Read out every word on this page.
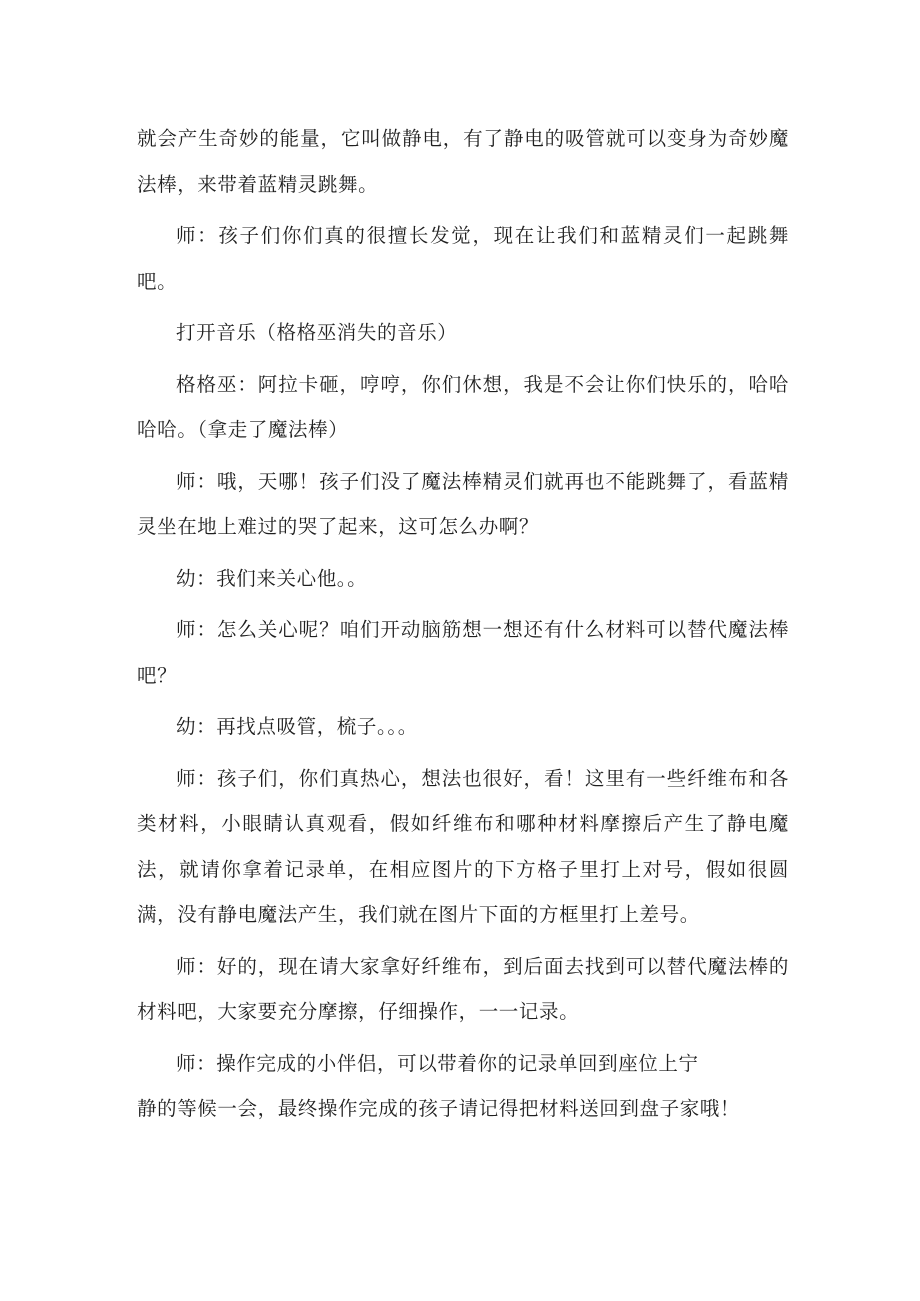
就会产生奇妙的能量，它叫做静电，有了静电的吸管就可以变身为奇妙魔法棒，来带着蓝精灵跳舞。

师：孩子们你们真的很擅长发觉，现在让我们和蓝精灵们一起跳舞吧。

打开音乐（格格巫消失的音乐）

格格巫：阿拉卡砸，哼哼，你们休想，我是不会让你们快乐的，哈哈哈哈。（拿走了魔法棒）

师：哦，天哪！孩子们没了魔法棒精灵们就再也不能跳舞了，看蓝精灵坐在地上难过的哭了起来，这可怎么办啊？

幼：我们来关心他。。

师：怎么关心呢？咱们开动脑筋想一想还有什么材料可以替代魔法棒吧？

幼：再找点吸管，梳子。。。

师：孩子们，你们真热心，想法也很好，看！这里有一些纤维布和各类材料，小眼睛认真观看，假如纤维布和哪种材料摩擦后产生了静电魔法，就请你拿着记录单，在相应图片的下方格子里打上对号，假如很圆满，没有静电魔法产生，我们就在图片下面的方框里打上差号。

师：好的，现在请大家拿好纤维布，到后面去找到可以替代魔法棒的材料吧，大家要充分摩擦，仔细操作，一一记录。

师：操作完成的小伴侣，可以带着你的记录单回到座位上宁
静的等候一会，最终操作完成的孩子请记得把材料送回到盘子家哦！
